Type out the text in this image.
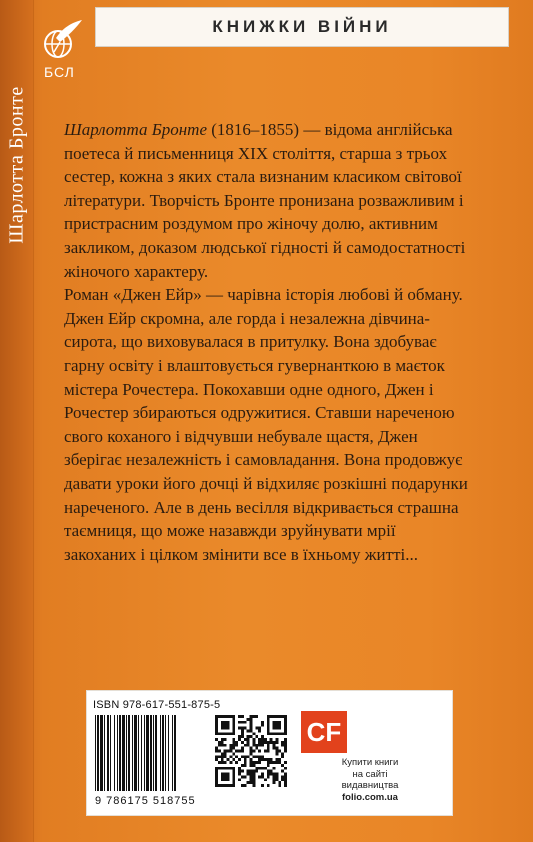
Шарлотта Бронте
БСЛ
КНИЖКИ ВІЙНИ

Шарлотта Бронте (1816–1855) — відома англійська поетеса й письменниця XIX століття, старша з трьох сестер, кожна з яких стала визнаним класиком світової літератури. Творчість Бронте пронизана розважливим і пристрасним роздумом про жіночу долю, активним закликом, доказом людської гідності й самодостатності жіночого характеру.

Роман «Джен Ейр» — чарівна історія любові й обману. Джен Ейр скромна, але горда і незалежна дівчина-сирота, що виховувалася в притулку. Вона здобуває гарну освіту і влаштовується гувернанткою в маєток містера Рочестера. Покохавши одне одного, Джен і Рочестер збираються одружитися. Ставши нареченою свого коханого і відчувши небувале щастя, Джен зберігає незалежність і самовладання. Вона продовжує давати уроки його дочці й відхиляє розкішні подарунки нареченого. Але в день весілля відкривається страшна таємниця, що може назавжди зруйнувати мрії закоханих і цілком змінити все в їхньому житті...

ISBN 978-617-551-875-5
9 786175 518755
CF
Купити книги
на сайті
видавництва
folio.com.ua
